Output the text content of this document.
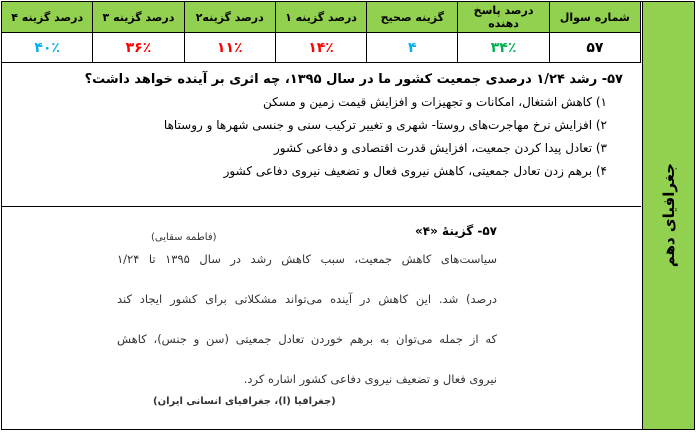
جغرافیای دهم
شماره سوال	درصد پاسخ دهنده	گزینه صحیح	درصد گزینه ۱	درصد گزینه۲	درصد گزینه ۳	درصد گزینه ۴
۵۷	۳۴٪	۴	۱۴٪	۱۱٪	۳۶٪	۴۰٪
۵۷- رشد ۱/۲۴ درصدی جمعیت کشور ما در سال ۱۳۹۵، چه اثری بر آینده خواهد داشت؟
۱) کاهش اشتغال، امکانات و تجهیزات و افزایش قیمت زمین و مسکن
۲) افزایش نرخ مهاجرت‌های روستا- شهری و تغییر ترکیب سنی و جنسی شهرها و روستاها
۳) تعادل پیدا کردن جمعیت، افزایش قدرت اقتصادی و دفاعی کشور
۴) برهم زدن تعادل جمعیتی، کاهش نیروی فعال و تضعیف نیروی دفاعی کشور
۵۷- گزینهٔ «۴»
(فاطمه سقایی)
سیاست‌های کاهش جمعیت، سبب کاهش رشد در سال ۱۳۹۵ تا ۱/۲۴
درصد) شد. این کاهش در آینده می‌تواند مشکلاتی برای کشور ایجاد کند
که از جمله می‌توان به برهم خوردن تعادل جمعیتی (سن و جنس)، کاهش
نیروی فعال و تضعیف نیروی دفاعی کشور اشاره کرد.
(جغرافیا (ا)، جغرافیای انسانی ایران)
